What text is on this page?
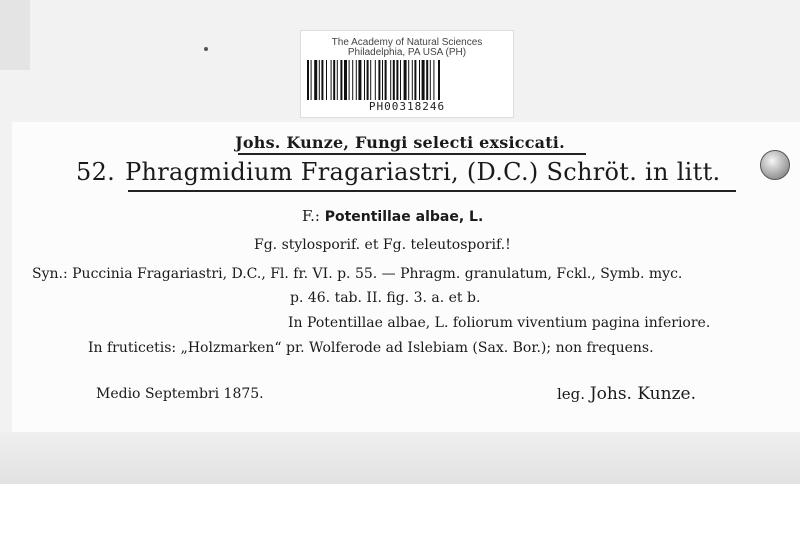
The Academy of Natural Sciences
Philadelphia, PA USA (PH)
PH00318246
Johs. Kunze, Fungi selecti exsiccati.
52. Phragmidium Fragariastri, (D.C.) Schröt. in litt.
F.: Potentillae albae, L.
Fg. stylosporif. et Fg. teleutosporif.!
Syn.: Puccinia Fragariastri, D.C., Fl. fr. VI. p. 55. — Phragm. granulatum, Fckl., Symb. myc.
p. 46. tab. II. fig. 3. a. et b.
In Potentillae albae, L. foliorum viventium pagina inferiore.
In fruticetis: „Holzmarken“ pr. Wolferode ad Islebiam (Sax. Bor.); non frequens.
Medio Septembri 1875.	leg. Johs. Kunze.
